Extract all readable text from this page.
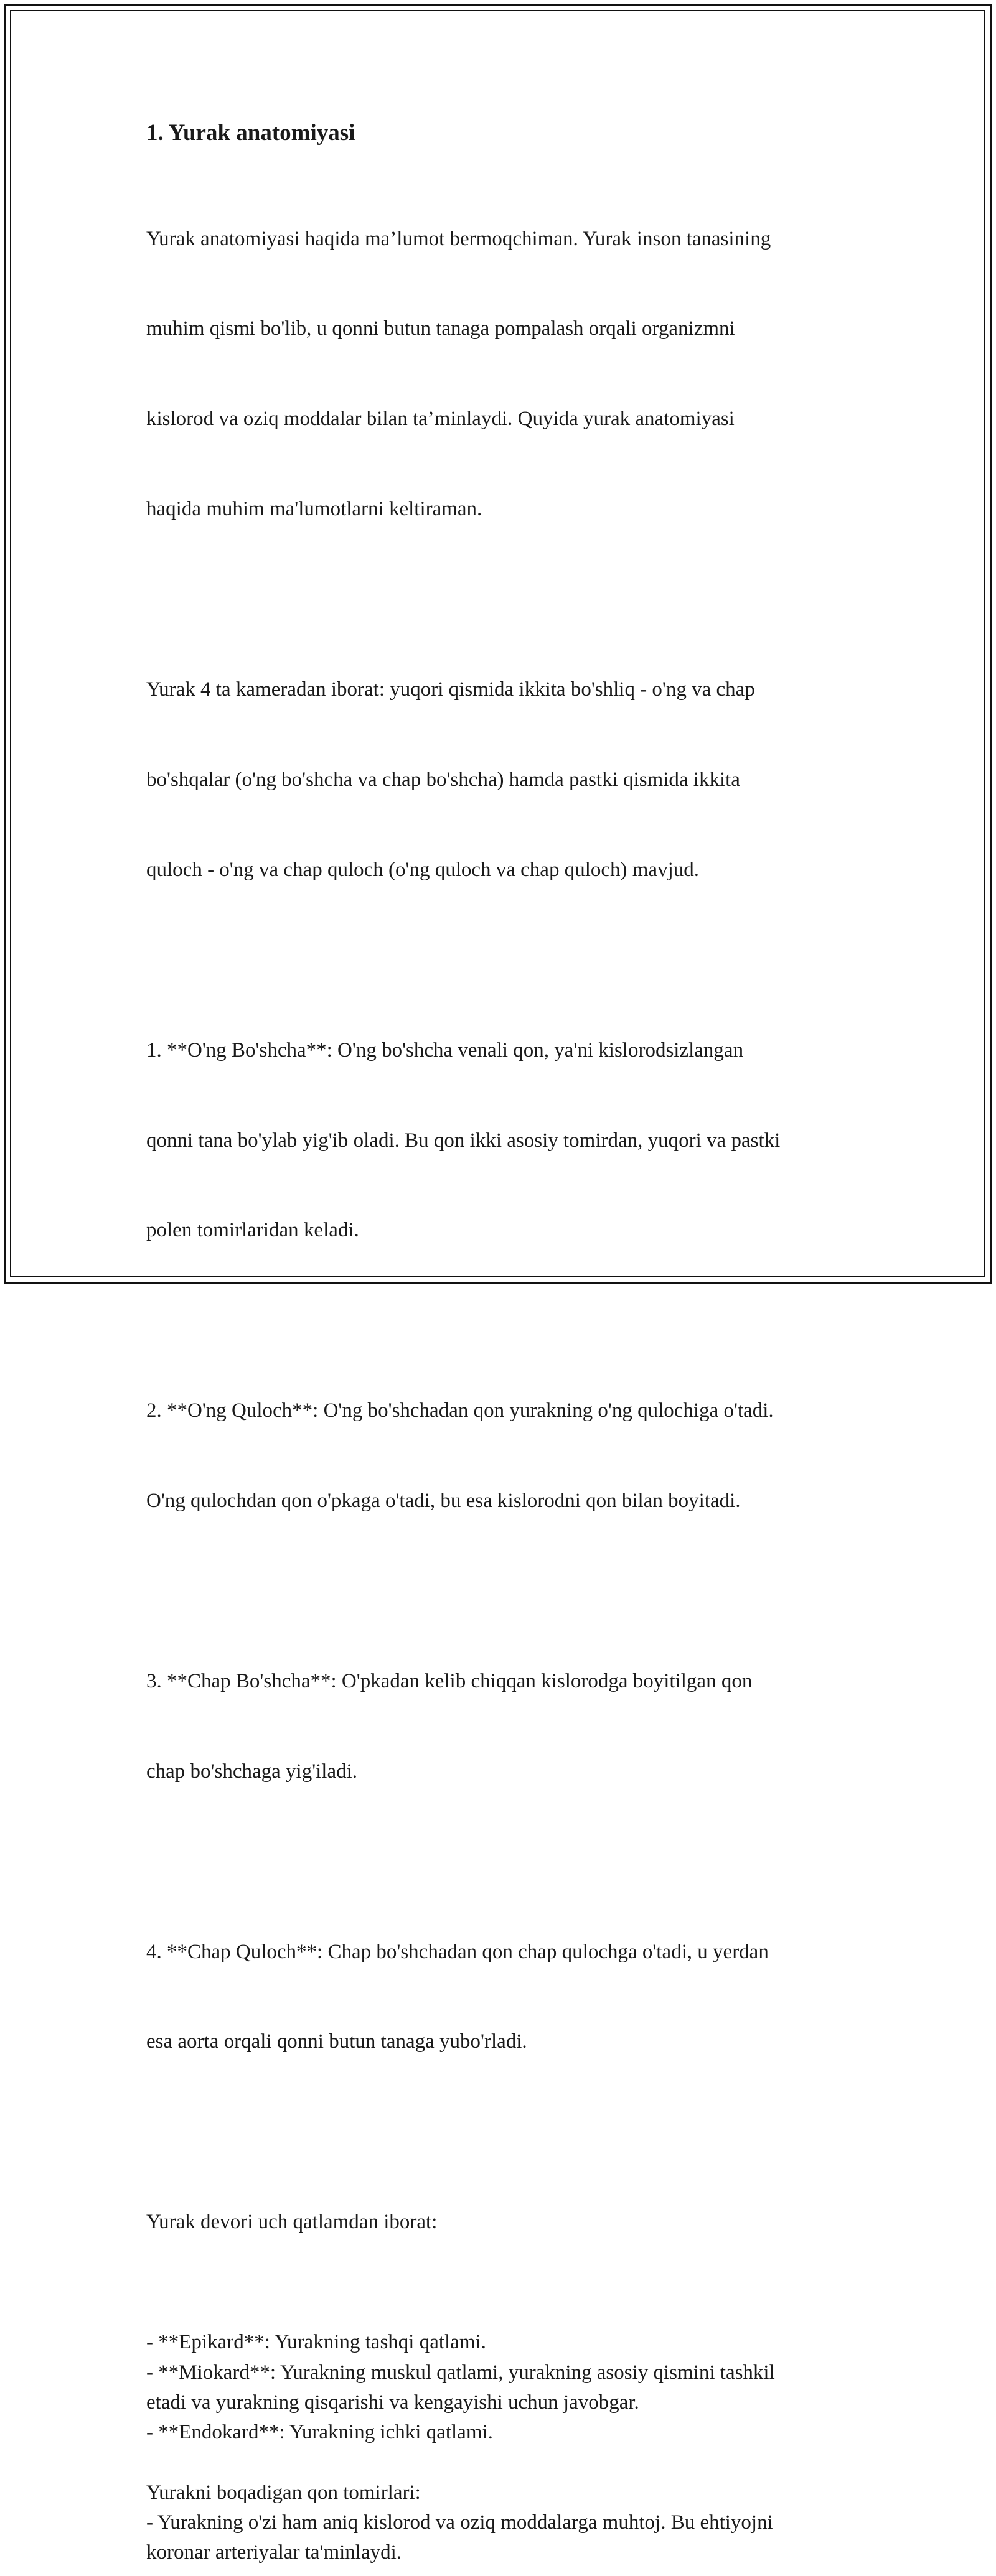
1. Yurak anatomiyasi

Yurak anatomiyasi haqida ma’lumot bermoqchiman. Yurak inson tanasining

muhim qismi bo'lib, u qonni butun tanaga pompalash orqali organizmni

kislorod va oziq moddalar bilan ta’minlaydi. Quyida yurak anatomiyasi

haqida muhim ma'lumotlarni keltiraman.

Yurak 4 ta kameradan iborat: yuqori qismida ikkita bo'shliq - o'ng va chap

bo'shqalar (o'ng bo'shcha va chap bo'shcha) hamda pastki qismida ikkita

quloch - o'ng va chap quloch (o'ng quloch va chap quloch) mavjud.

1. **O'ng Bo'shcha**: O'ng bo'shcha venali qon, ya'ni kislorodsizlangan

qonni tana bo'ylab yig'ib oladi. Bu qon ikki asosiy tomirdan, yuqori va pastki

polen tomirlaridan keladi.

2. **O'ng Quloch**: O'ng bo'shchadan qon yurakning o'ng qulochiga o'tadi.

O'ng qulochdan qon o'pkaga o'tadi, bu esa kislorodni qon bilan boyitadi.

3. **Chap Bo'shcha**: O'pkadan kelib chiqqan kislorodga boyitilgan qon

chap bo'shchaga yig'iladi.

4. **Chap Quloch**: Chap bo'shchadan qon chap qulochga o'tadi, u yerdan

esa aorta orqali qonni butun tanaga yubo'rladi.

Yurak devori uch qatlamdan iborat:

- **Epikard**: Yurakning tashqi qatlami.
- **Miokard**: Yurakning muskul qatlami, yurakning asosiy qismini tashkil
etadi va yurakning qisqarishi va kengayishi uchun javobgar.
- **Endokard**: Yurakning ichki qatlami.
Yurakni boqadigan qon tomirlari:
- Yurakning o'zi ham aniq kislorod va oziq moddalarga muhtoj. Bu ehtiyojni
koronar arteriyalar ta'minlaydi.
